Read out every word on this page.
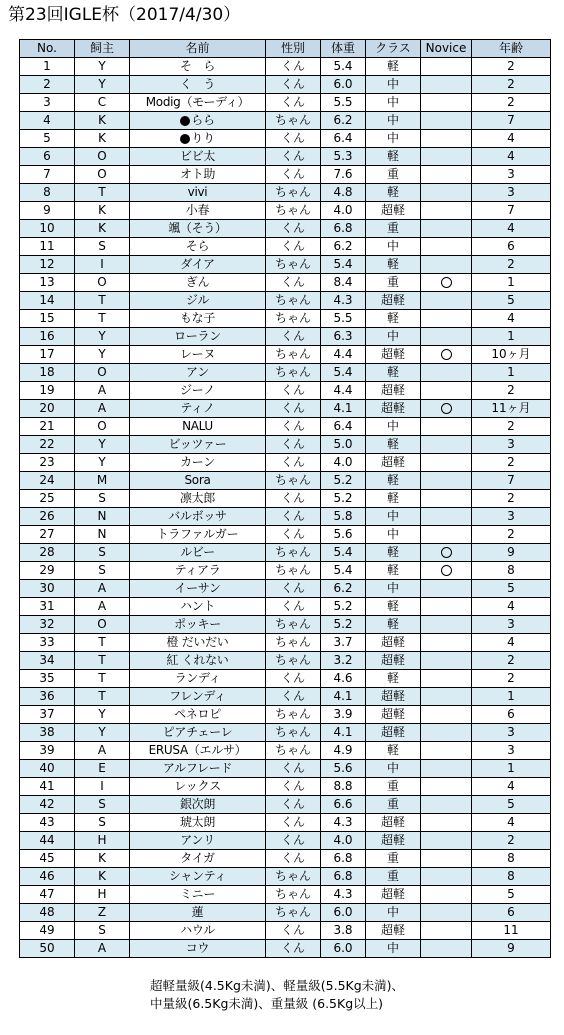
第23回IGLE杯（2017/4/30）
No.	飼主	名前	性別	体重	クラス	Novice	年齢
1	Y	そ　ら	くん	5.4	軽		2
2	Y	く　う	くん	6.0	中		2
3	C	Modig（モーディ）	くん	5.5	中		2
4	K	らら	ちゃん	6.2	中		7
5	K	りり	くん	6.4	中		4
6	O	ビビ太	くん	5.3	軽		4
7	O	オト助	くん	7.6	重		3
8	T	vivi	ちゃん	4.8	軽		3
9	K	小春	ちゃん	4.0	超軽		7
10	K	颯（そう）	くん	6.8	重		4
11	S	そら	くん	6.2	中		6
12	I	ダイア	ちゃん	5.4	軽		2
13	O	ぎん	くん	8.4	重		1
14	T	ジル	ちゃん	4.3	超軽		5
15	T	もな子	ちゃん	5.5	軽		4
16	Y	ローラン	くん	6.3	中		1
17	Y	レーヌ	ちゃん	4.4	超軽		10ヶ月
18	O	アン	ちゃん	5.4	軽		1
19	A	ジーノ	くん	4.4	超軽		2
20	A	ティノ	くん	4.1	超軽		11ヶ月
21	O	NALU	くん	6.4	中		2
22	Y	ビッツァー	くん	5.0	軽		3
23	Y	カーン	くん	4.0	超軽		2
24	M	Sora	ちゃん	5.2	軽		7
25	S	凛太郎	くん	5.2	軽		2
26	N	バルボッサ	くん	5.8	中		3
27	N	トラファルガー	くん	5.6	中		2
28	S	ルビー	ちゃん	5.4	軽		9
29	S	ティアラ	ちゃん	5.4	軽		8
30	A	イーサン	くん	6.2	中		5
31	A	ハント	くん	5.2	軽		4
32	O	ポッキー	ちゃん	5.2	軽		3
33	T	橙 だいだい	ちゃん	3.7	超軽		4
34	T	紅 くれない	ちゃん	3.2	超軽		2
35	T	ランディ	くん	4.6	軽		2
36	T	フレンディ	くん	4.1	超軽		1
37	Y	ペネロピ	ちゃん	3.9	超軽		6
38	Y	ピアチェーレ	ちゃん	4.1	超軽		3
39	A	ERUSA（エルサ）	ちゃん	4.9	軽		3
40	E	アルフレード	くん	5.6	中		1
41	I	レックス	くん	8.8	重		4
42	S	銀次朗	くん	6.6	重		5
43	S	琥太朗	くん	4.3	超軽		4
44	H	アンリ	くん	4.0	超軽		2
45	K	タイガ	くん	6.8	重		8
46	K	シャンティ	ちゃん	6.8	重		8
47	H	ミニー	ちゃん	4.3	超軽		5
48	Z	蓮	ちゃん	6.0	中		6
49	S	ハウル	くん	3.8	超軽		11
50	A	コウ	くん	6.0	中		9
超軽量級(4.5Kg未満)、軽量級(5.5Kg未満)、
中量級(6.5Kg未満)、重量級 (6.5Kg以上)
